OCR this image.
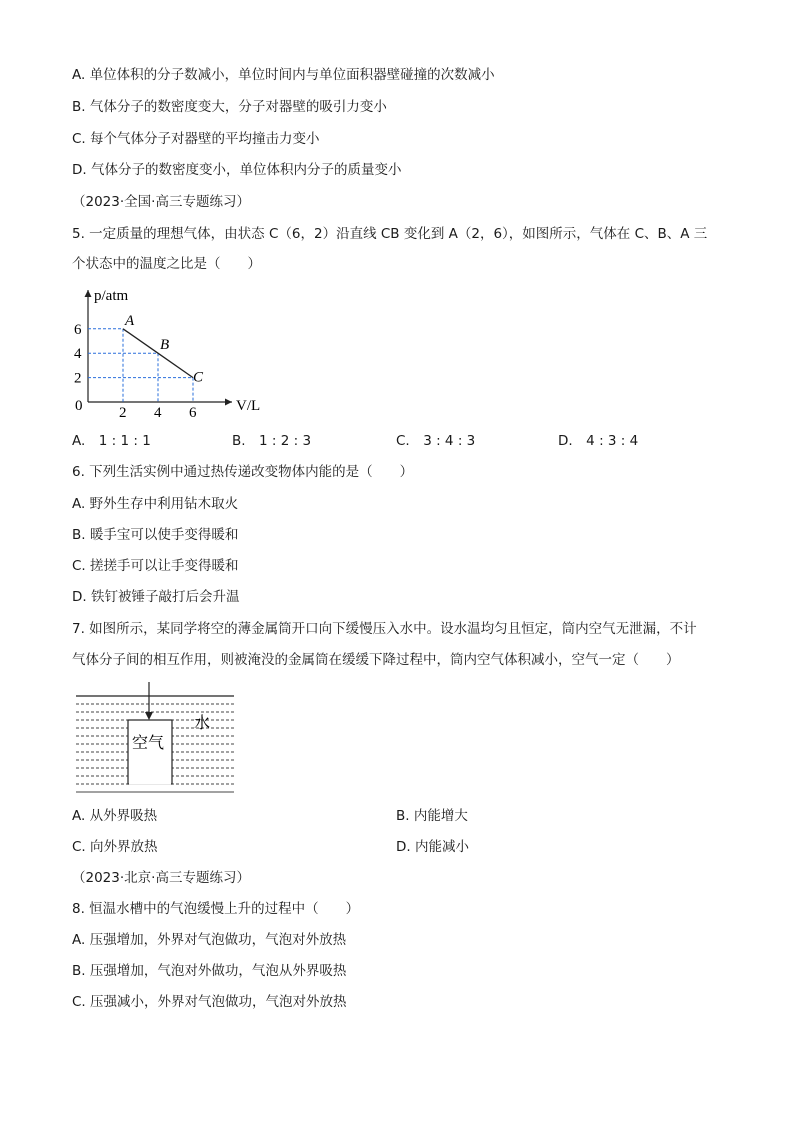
A. 单位体积的分子数减小，单位时间内与单位面积器壁碰撞的次数减小
B. 气体分子的数密度变大，分子对器壁的吸引力变小
C. 每个气体分子对器壁的平均撞击力变小
D. 气体分子的数密度变小，单位体积内分子的质量变小
（2023·全国·高三专题练习）
5. 一定质量的理想气体，由状态 C（6，2）沿直线 CB 变化到 A（2，6），如图所示，气体在 C、B、A 三
个状态中的温度之比是（　　）
2
4
6
2 4 6
A
B
C
p/atm
V/L
0
A.　1 : 1 : 1	B.　1 : 2 : 3	C.　3 : 4 : 3	D.　4 : 3 : 4
6. 下列生活实例中通过热传递改变物体内能的是（　　）
A. 野外生存中利用钻木取火
B. 暖手宝可以使手变得暖和
C. 搓搓手可以让手变得暖和
D. 铁钉被锤子敲打后会升温
7. 如图所示，某同学将空的薄金属筒开口向下缓慢压入水中。设水温均匀且恒定，筒内空气无泄漏，不计
气体分子间的相互作用，则被淹没的金属筒在缓缓下降过程中，筒内空气体积减小，空气一定（　　）
空气
水
A. 从外界吸热	B. 内能增大
C. 向外界放热	D. 内能减小
（2023·北京·高三专题练习）
8. 恒温水槽中的气泡缓慢上升的过程中（　　）
A. 压强增加，外界对气泡做功，气泡对外放热
B. 压强增加，气泡对外做功，气泡从外界吸热
C. 压强减小，外界对气泡做功，气泡对外放热
